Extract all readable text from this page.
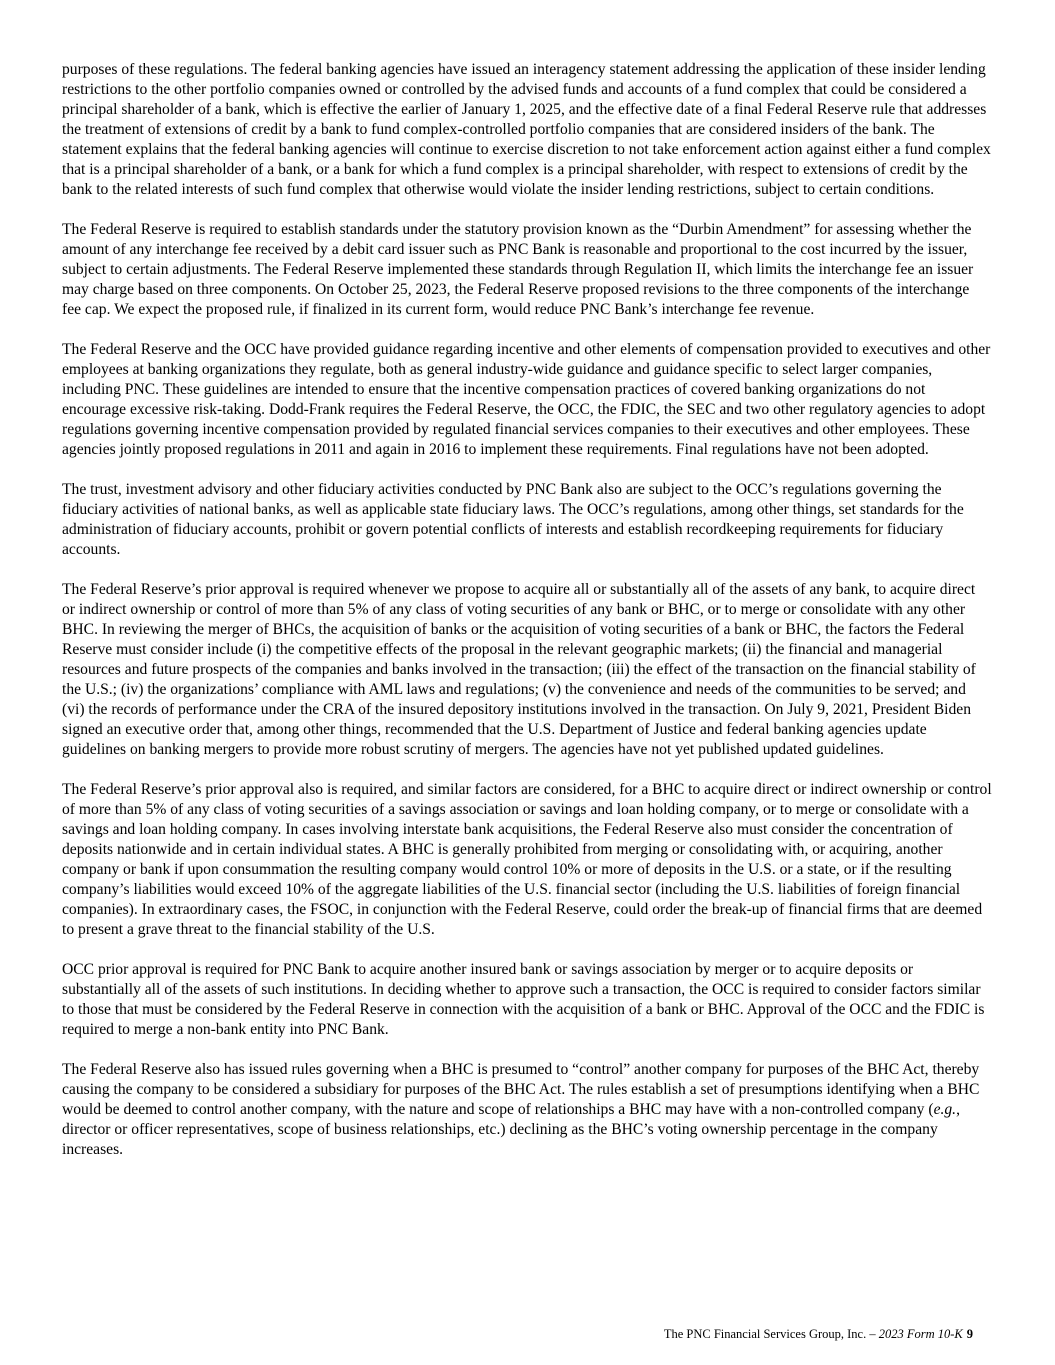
purposes of these regulations. The federal banking agencies have issued an interagency statement addressing the application of these insider lending restrictions to the other portfolio companies owned or controlled by the advised funds and accounts of a fund complex that could be considered a principal shareholder of a bank, which is effective the earlier of January 1, 2025, and the effective date of a final Federal Reserve rule that addresses the treatment of extensions of credit by a bank to fund complex-controlled portfolio companies that are considered insiders of the bank. The statement explains that the federal banking agencies will continue to exercise discretion to not take enforcement action against either a fund complex that is a principal shareholder of a bank, or a bank for which a fund complex is a principal shareholder, with respect to extensions of credit by the bank to the related interests of such fund complex that otherwise would violate the insider lending restrictions, subject to certain conditions.

The Federal Reserve is required to establish standards under the statutory provision known as the “Durbin Amendment” for assessing whether the amount of any interchange fee received by a debit card issuer such as PNC Bank is reasonable and proportional to the cost incurred by the issuer, subject to certain adjustments. The Federal Reserve implemented these standards through Regulation II, which limits the interchange fee an issuer may charge based on three components. On October 25, 2023, the Federal Reserve proposed revisions to the three components of the interchange fee cap. We expect the proposed rule, if finalized in its current form, would reduce PNC Bank’s interchange fee revenue.

The Federal Reserve and the OCC have provided guidance regarding incentive and other elements of compensation provided to executives and other employees at banking organizations they regulate, both as general industry-wide guidance and guidance specific to select larger companies, including PNC. These guidelines are intended to ensure that the incentive compensation practices of covered banking organizations do not encourage excessive risk-taking. Dodd-Frank requires the Federal Reserve, the OCC, the FDIC, the SEC and two other regulatory agencies to adopt regulations governing incentive compensation provided by regulated financial services companies to their executives and other employees. These agencies jointly proposed regulations in 2011 and again in 2016 to implement these requirements. Final regulations have not been adopted.

The trust, investment advisory and other fiduciary activities conducted by PNC Bank also are subject to the OCC’s regulations governing the fiduciary activities of national banks, as well as applicable state fiduciary laws. The OCC’s regulations, among other things, set standards for the administration of fiduciary accounts, prohibit or govern potential conflicts of interests and establish recordkeeping requirements for fiduciary accounts.

The Federal Reserve’s prior approval is required whenever we propose to acquire all or substantially all of the assets of any bank, to acquire direct or indirect ownership or control of more than 5% of any class of voting securities of any bank or BHC, or to merge or consolidate with any other BHC. In reviewing the merger of BHCs, the acquisition of banks or the acquisition of voting securities of a bank or BHC, the factors the Federal Reserve must consider include (i) the competitive effects of the proposal in the relevant geographic markets; (ii) the financial and managerial resources and future prospects of the companies and banks involved in the transaction; (iii) the effect of the transaction on the financial stability of the U.S.; (iv) the organizations’ compliance with AML laws and regulations; (v) the convenience and needs of the communities to be served; and (vi) the records of performance under the CRA of the insured depository institutions involved in the transaction. On July 9, 2021, President Biden signed an executive order that, among other things, recommended that the U.S. Department of Justice and federal banking agencies update guidelines on banking mergers to provide more robust scrutiny of mergers. The agencies have not yet published updated guidelines.

The Federal Reserve’s prior approval also is required, and similar factors are considered, for a BHC to acquire direct or indirect ownership or control of more than 5% of any class of voting securities of a savings association or savings and loan holding company, or to merge or consolidate with a savings and loan holding company. In cases involving interstate bank acquisitions, the Federal Reserve also must consider the concentration of deposits nationwide and in certain individual states. A BHC is generally prohibited from merging or consolidating with, or acquiring, another company or bank if upon consummation the resulting company would control 10% or more of deposits in the U.S. or a state, or if the resulting company’s liabilities would exceed 10% of the aggregate liabilities of the U.S. financial sector (including the U.S. liabilities of foreign financial companies). In extraordinary cases, the FSOC, in conjunction with the Federal Reserve, could order the break-up of financial firms that are deemed to present a grave threat to the financial stability of the U.S.

OCC prior approval is required for PNC Bank to acquire another insured bank or savings association by merger or to acquire deposits or substantially all of the assets of such institutions. In deciding whether to approve such a transaction, the OCC is required to consider factors similar to those that must be considered by the Federal Reserve in connection with the acquisition of a bank or BHC. Approval of the OCC and the FDIC is required to merge a non-bank entity into PNC Bank.

The Federal Reserve also has issued rules governing when a BHC is presumed to “control” another company for purposes of the BHC Act, thereby causing the company to be considered a subsidiary for purposes of the BHC Act. The rules establish a set of presumptions identifying when a BHC would be deemed to control another company, with the nature and scope of relationships a BHC may have with a non-controlled company (e.g., director or officer representatives, scope of business relationships, etc.) declining as the BHC’s voting ownership percentage in the company increases.

The PNC Financial Services Group, Inc. – 2023 Form 10-K 9
